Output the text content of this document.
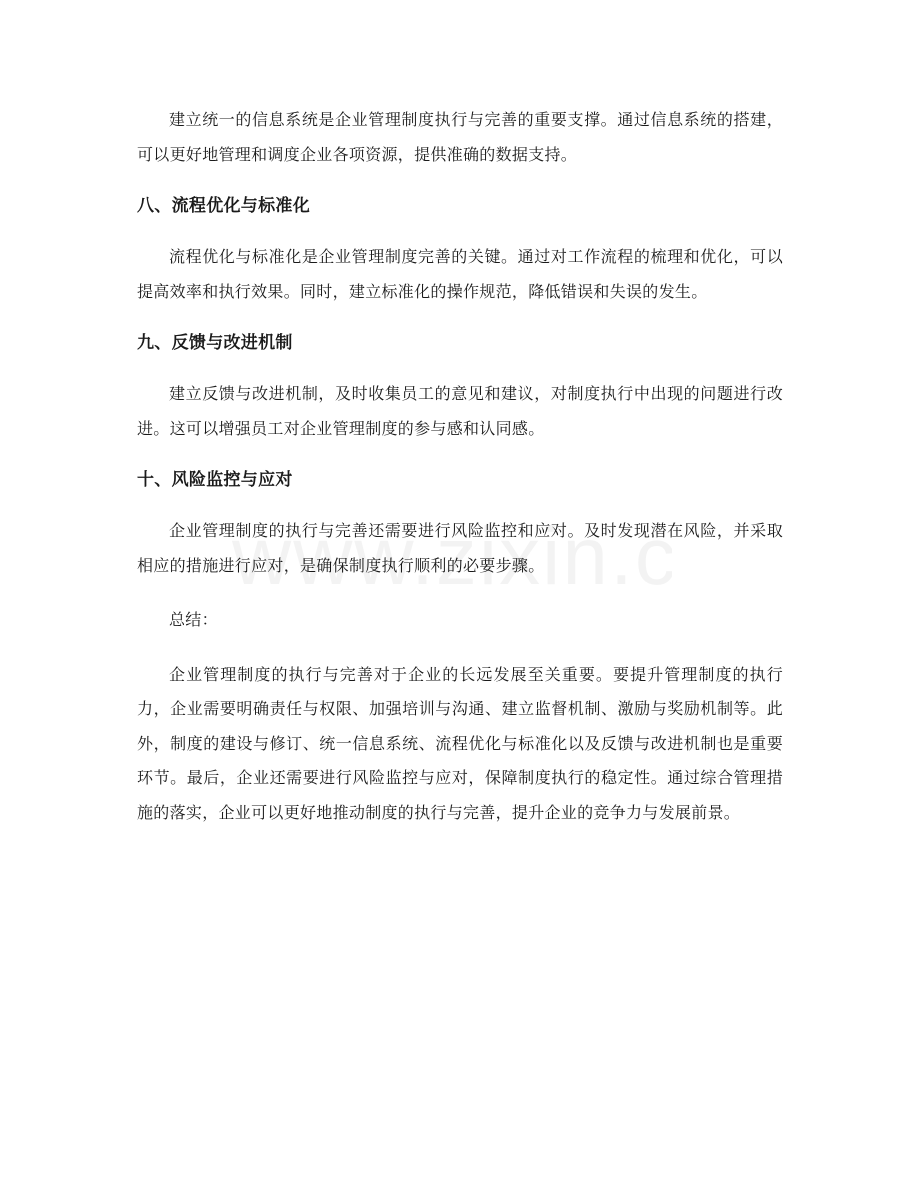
建立统一的信息系统是企业管理制度执行与完善的重要支撑。通过信息系统的搭建，可以更好地管理和调度企业各项资源，提供准确的数据支持。

八、流程优化与标准化

流程优化与标准化是企业管理制度完善的关键。通过对工作流程的梳理和优化，可以提高效率和执行效果。同时，建立标准化的操作规范，降低错误和失误的发生。

九、反馈与改进机制

建立反馈与改进机制，及时收集员工的意见和建议，对制度执行中出现的问题进行改进。这可以增强员工对企业管理制度的参与感和认同感。

十、风险监控与应对

企业管理制度的执行与完善还需要进行风险监控和应对。及时发现潜在风险，并采取相应的措施进行应对，是确保制度执行顺利的必要步骤。

总结：

企业管理制度的执行与完善对于企业的长远发展至关重要。要提升管理制度的执行力，企业需要明确责任与权限、加强培训与沟通、建立监督机制、激励与奖励机制等。此外，制度的建设与修订、统一信息系统、流程优化与标准化以及反馈与改进机制也是重要环节。最后，企业还需要进行风险监控与应对，保障制度执行的稳定性。通过综合管理措施的落实，企业可以更好地推动制度的执行与完善，提升企业的竞争力与发展前景。
